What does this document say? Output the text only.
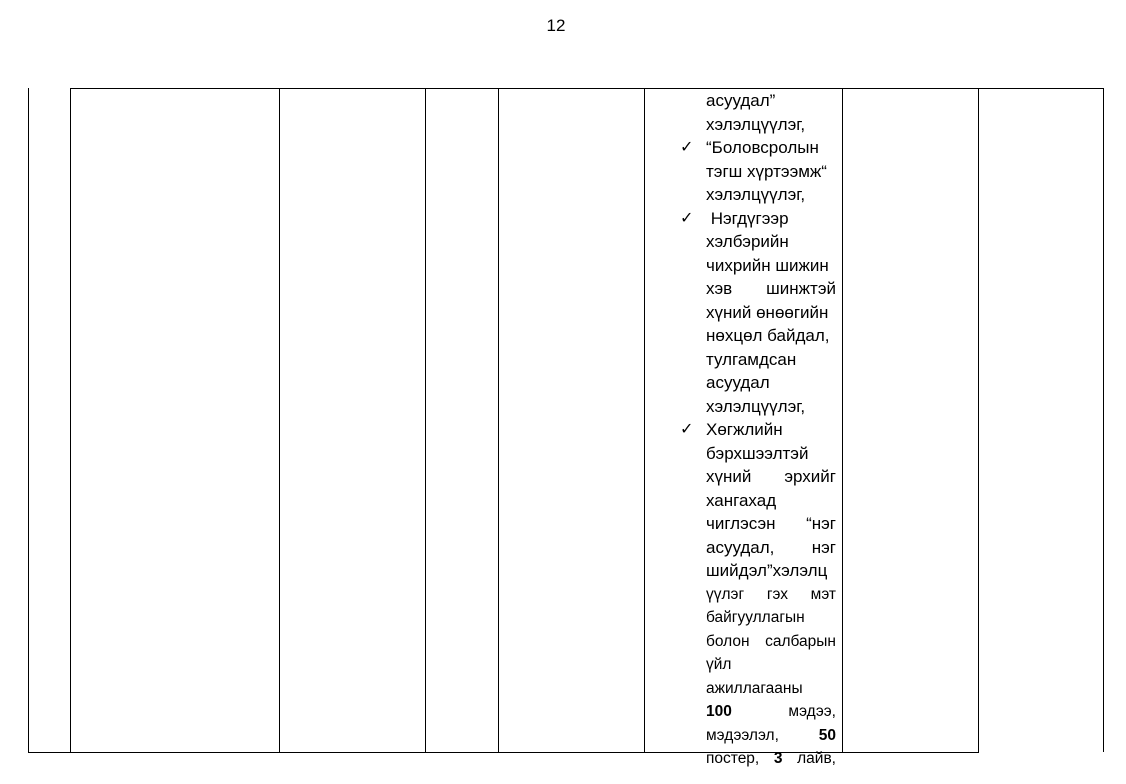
12
асуудал”
хэлэлцүүлэг,
✓ “Боловсролын
тэгш хүртээмж“
хэлэлцүүлэг,
✓ Нэгдүгээр
хэлбэрийн
чихрийн шижин
хэв шинжтэй
хүний өнөөгийн
нөхцөл байдал,
тулгамдсан
асуудал
хэлэлцүүлэг,
✓ Хөгжлийн
бэрхшээлтэй
хүний эрхийг
хангахад
чиглэсэн “нэг
асуудал, нэг
шийдэл”хэлэлц
үүлэг гэх мэт
байгууллагын
болон салбарын
үйл
ажиллагааны
100	мэдээ,
мэдээлэл,	50
постер, 3 лайв,
